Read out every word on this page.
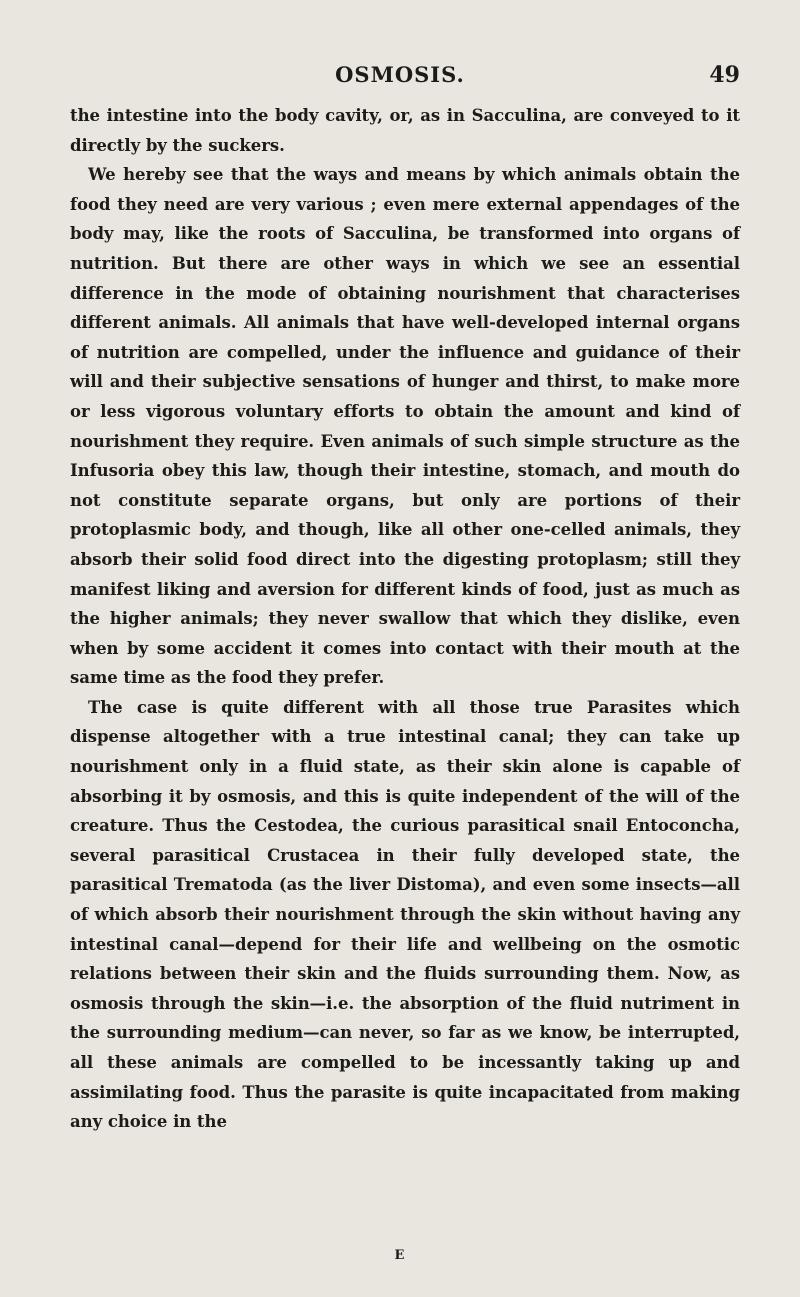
OSMOSIS.	49

the intestine into the body cavity, or, as in Sacculina, are conveyed to it directly by the suckers.

We hereby see that the ways and means by which animals obtain the food they need are very various ; even mere external appendages of the body may, like the roots of Sacculina, be transformed into organs of nutrition. But there are other ways in which we see an essential difference in the mode of obtaining nourishment that characterises different animals. All animals that have well-developed internal organs of nutrition are compelled, under the influence and guidance of their will and their subjective sensations of hunger and thirst, to make more or less vigorous voluntary efforts to obtain the amount and kind of nourishment they require. Even animals of such simple structure as the Infusoria obey this law, though their intestine, stomach, and mouth do not constitute separate organs, but only are portions of their protoplasmic body, and though, like all other one-celled animals, they absorb their solid food direct into the digesting protoplasm; still they manifest liking and aversion for different kinds of food, just as much as the higher animals; they never swallow that which they dislike, even when by some accident it comes into contact with their mouth at the same time as the food they prefer.

The case is quite different with all those true Parasites which dispense altogether with a true intestinal canal; they can take up nourishment only in a fluid state, as their skin alone is capable of absorbing it by osmosis, and this is quite independent of the will of the creature. Thus the Cestodea, the curious parasitical snail Entoconcha, several parasitical Crustacea in their fully developed state, the parasitical Trematoda (as the liver Distoma), and even some insects—all of which absorb their nourishment through the skin without having any intestinal canal—depend for their life and wellbeing on the osmotic relations between their skin and the fluids surrounding them. Now, as osmosis through the skin—i.e. the absorption of the fluid nutriment in the surrounding medium—can never, so far as we know, be interrupted, all these animals are compelled to be incessantly taking up and assimilating food. Thus the parasite is quite incapacitated from making any choice in the

E
